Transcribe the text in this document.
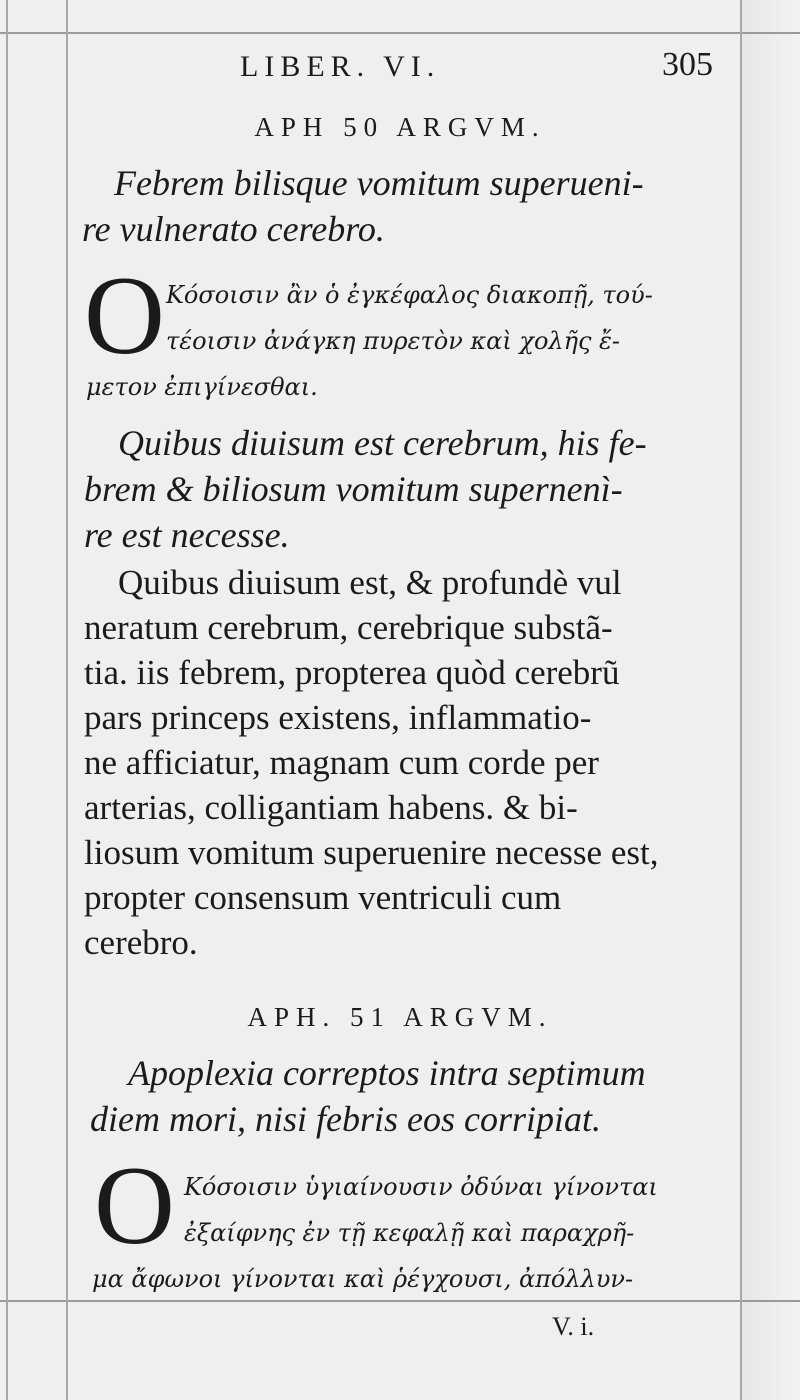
LIBER. VI.	305
APH 50 ARGVM.
Febrem bilisque vomitum superueni-
re vulnerato cerebro.
O Κόσοισιν ἂν ὁ ἐγκέφαλος διακοπῇ, τού-
τέοισιν ἀνάγκη πυρετὸν καὶ χολῆς ἔ-
μετον ἐπιγίνεσθαι.
Quibus diuisum est cerebrum, his fe-
brem & biliosum vomitum supernenì-
re est necesse.
Quibus diuisum est, & profundè vul
neratum cerebrum, cerebrique substã-
tia. iis febrem, propterea quòd cerebrũ
pars princeps existens, inflammatio-
ne afficiatur, magnam cum corde per
arterias, colligantiam habens. & bi-
liosum vomitum superuenire necesse est,
propter consensum ventriculi cum
cerebro.
APH. 51 ARGVM.
Apoplexia correptos intra septimum
diem mori, nisi febris eos corripiat.
O Κόσοισιν ὑγιαίνουσιν ὀδύναι γίνονται
ἐξαίφνης ἐν τῇ κεφαλῇ καὶ παραχρῆ-
μα ἄφωνοι γίνονται καὶ ῥέγχουσι, ἀπόλλυν-
V. i.
